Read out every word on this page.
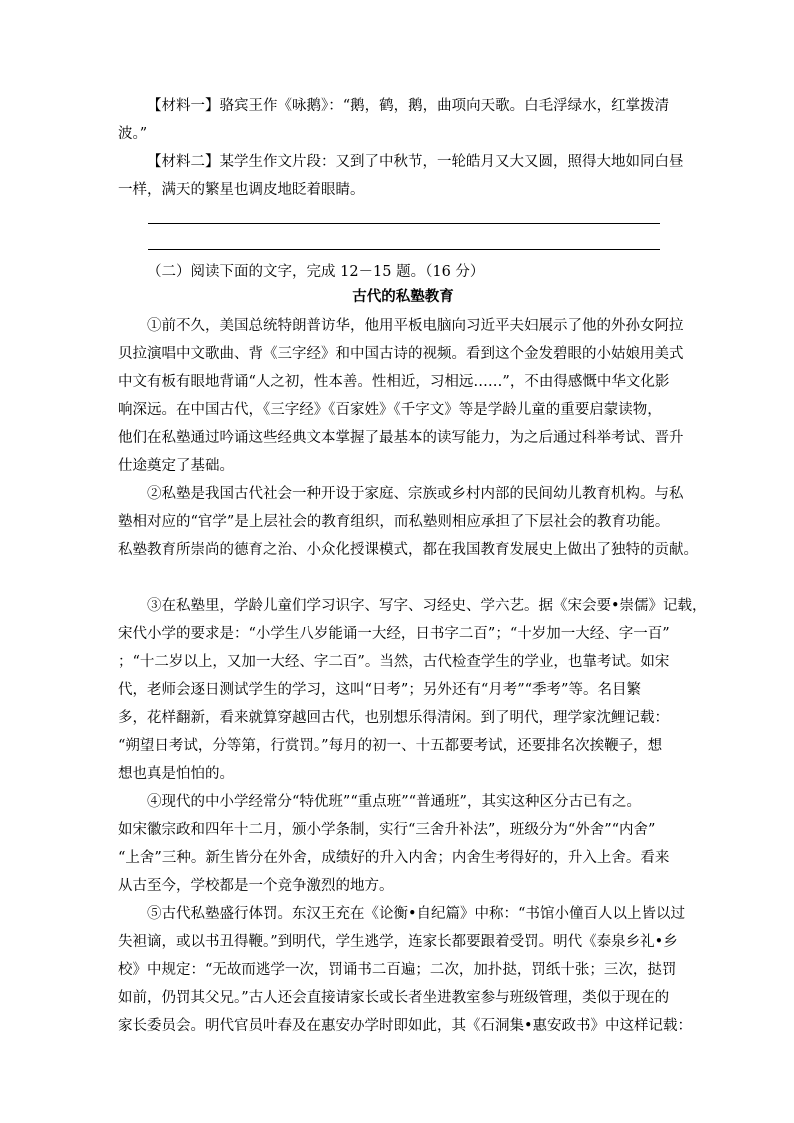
【材料一】骆宾王作《咏鹅》：“鹅，鹤，鹅，曲项向天歌。白毛浮绿水，红掌拨清
波。”
【材料二】某学生作文片段：又到了中秋节，一轮皓月又大又圆，照得大地如同白昼
一样，满天的繁星也调皮地眨着眼睛。
（二）阅读下面的文字，完成 12－15 题。（16 分）
古代的私塾教育
①前不久，美国总统特朗普访华，他用平板电脑向习近平夫妇展示了他的外孙女阿拉
贝拉演唱中文歌曲、背《三字经》和中国古诗的视频。看到这个金发碧眼的小姑娘用美式
中文有板有眼地背诵“人之初，性本善。性相近，习相远……”，不由得感慨中华文化影
响深远。在中国古代，《三字经》《百家姓》《千字文》等是学龄儿童的重要启蒙读物，
他们在私塾通过吟诵这些经典文本掌握了最基本的读写能力，为之后通过科举考试、晋升
仕途奠定了基础。
②私塾是我国古代社会一种开设于家庭、宗族或乡村内部的民间幼儿教育机构。与私
塾相对应的“官学”是上层社会的教育组织，而私塾则相应承担了下层社会的教育功能。
私塾教育所崇尚的德育之治、小众化授课模式，都在我国教育发展史上做出了独特的贡献。
③在私塾里，学龄儿童们学习识字、写字、习经史、学六艺。据《宋会要•崇儒》记载，
宋代小学的要求是：“小学生八岁能诵一大经，日书字二百”；“十岁加一大经、字一百”
；“十二岁以上，又加一大经、字二百”。当然，古代检查学生的学业，也靠考试。如宋
代，老师会逐日测试学生的学习，这叫“日考”；另外还有“月考”“季考”等。名目繁
多，花样翻新，看来就算穿越回古代，也别想乐得清闲。到了明代，理学家沈鲤记载：
“朔望日考试，分等第，行赏罚。”每月的初一、十五都要考试，还要排名次挨鞭子，想
想也真是怕怕的。
④现代的中小学经常分“特优班”“重点班”“普通班”，其实这种区分古已有之。
如宋徽宗政和四年十二月，颁小学条制，实行“三舍升补法”，班级分为“外舍”“内舍”
“上舍”三种。新生皆分在外舍，成绩好的升入内舍；内舍生考得好的，升入上舍。看来
从古至今，学校都是一个竞争激烈的地方。
⑤古代私塾盛行体罚。东汉王充在《论衡•自纪篇》中称：“书馆小僮百人以上皆以过
失袒谪，或以书丑得鞭。”到明代，学生逃学，连家长都要跟着受罚。明代《泰泉乡礼•乡
校》中规定：“无故而逃学一次，罚诵书二百遍；二次，加扑挞，罚纸十张；三次，挞罚
如前，仍罚其父兄。”古人还会直接请家长或长者坐进教室参与班级管理，类似于现在的
家长委员会。明代官员叶春及在惠安办学时即如此，其《石洞集•惠安政书》中这样记载：
